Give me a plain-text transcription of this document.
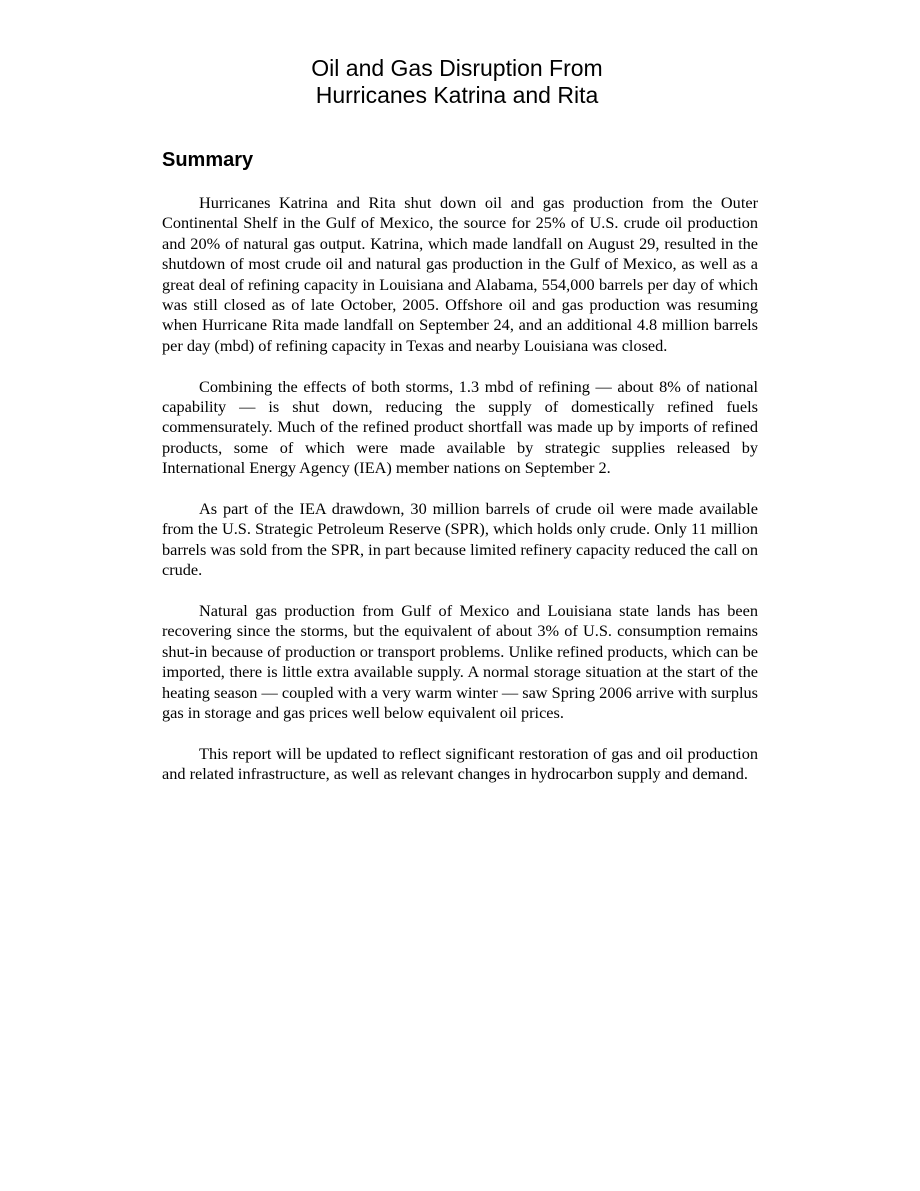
Oil and Gas Disruption From
Hurricanes Katrina and Rita
Summary

Hurricanes Katrina and Rita shut down oil and gas production from the Outer Continental Shelf in the Gulf of Mexico, the source for 25% of U.S. crude oil production and 20% of natural gas output. Katrina, which made landfall on August 29, resulted in the shutdown of most crude oil and natural gas production in the Gulf of Mexico, as well as a great deal of refining capacity in Louisiana and Alabama, 554,000 barrels per day of which was still closed as of late October, 2005. Offshore oil and gas production was resuming when Hurricane Rita made landfall on September 24, and an additional 4.8 million barrels per day (mbd) of refining capacity in Texas and nearby Louisiana was closed.

Combining the effects of both storms, 1.3 mbd of refining — about 8% of national capability — is shut down, reducing the supply of domestically refined fuels commensurately. Much of the refined product shortfall was made up by imports of refined products, some of which were made available by strategic supplies released by International Energy Agency (IEA) member nations on September 2.

As part of the IEA drawdown, 30 million barrels of crude oil were made available from the U.S. Strategic Petroleum Reserve (SPR), which holds only crude. Only 11 million barrels was sold from the SPR, in part because limited refinery capacity reduced the call on crude.

Natural gas production from Gulf of Mexico and Louisiana state lands has been recovering since the storms, but the equivalent of about 3% of U.S. consumption remains shut-in because of production or transport problems. Unlike refined products, which can be imported, there is little extra available supply. A normal storage situation at the start of the heating season — coupled with a very warm winter — saw Spring 2006 arrive with surplus gas in storage and gas prices well below equivalent oil prices.

This report will be updated to reflect significant restoration of gas and oil production and related infrastructure, as well as relevant changes in hydrocarbon supply and demand.
